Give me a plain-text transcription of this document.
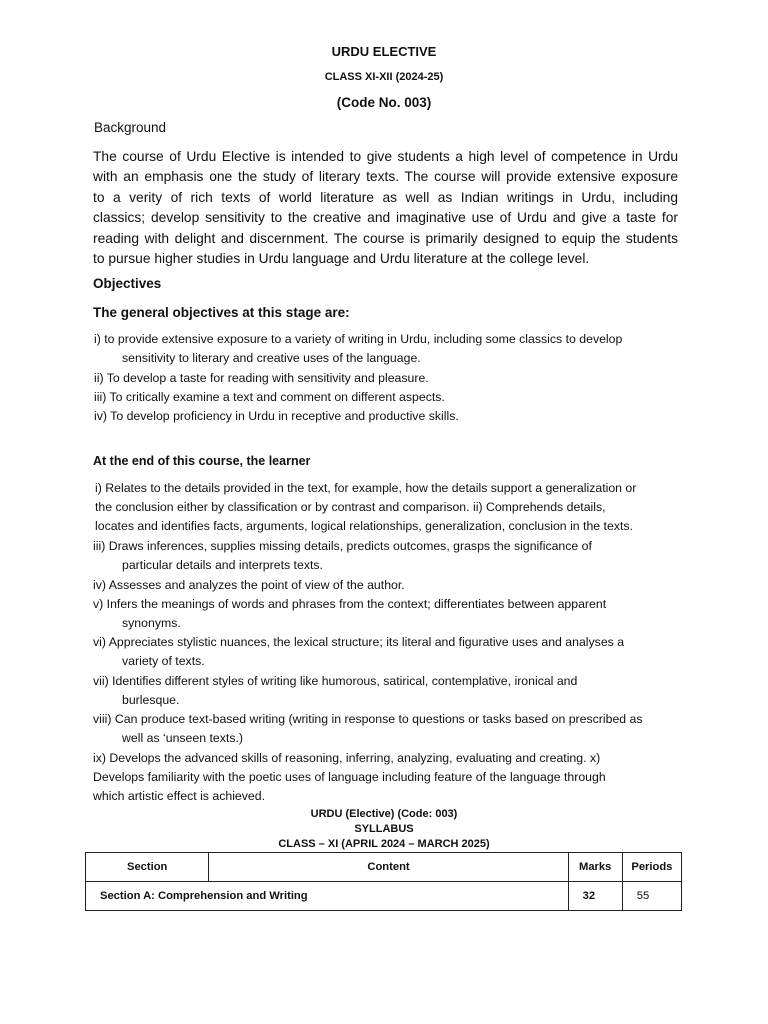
URDU ELECTIVE
CLASS XI-XII (2024-25)
(Code No. 003)
Background
The course of Urdu Elective is intended to give students a high level of competence in Urdu
with an emphasis one the study of literary texts. The course will provide extensive exposure
to a verity of rich texts of world literature as well as Indian writings in Urdu, including
classics; develop sensitivity to the creative and imaginative use of Urdu and give a taste for
reading with delight and discernment. The course is primarily designed to equip the students
to pursue higher studies in Urdu language and Urdu literature at the college level.
Objectives
The general objectives at this stage are:
i) to provide extensive exposure to a variety of writing in Urdu, including some classics to develop
sensitivity to literary and creative uses of the language.
ii) To develop a taste for reading with sensitivity and pleasure.
iii) To critically examine a text and comment on different aspects.
iv) To develop proficiency in Urdu in receptive and productive skills.
At the end of this course, the learner
i) Relates to the details provided in the text, for example, how the details support a generalization or
the conclusion either by classification or by contrast and comparison. ii) Comprehends details,
locates and identifies facts, arguments, logical relationships, generalization, conclusion in the texts.
iii) Draws inferences, supplies missing details, predicts outcomes, grasps the significance of
particular details and interprets texts.
iv) Assesses and analyzes the point of view of the author.
v) Infers the meanings of words and phrases from the context; differentiates between apparent
synonyms.
vi) Appreciates stylistic nuances, the lexical structure; its literal and figurative uses and analyses a
variety of texts.
vii) Identifies different styles of writing like humorous, satirical, contemplative, ironical and
burlesque.
viii) Can produce text-based writing (writing in response to questions or tasks based on prescribed as
well as ‘unseen texts.)
ix) Develops the advanced skills of reasoning, inferring, analyzing, evaluating and creating. x)
Develops familiarity with the poetic uses of language including feature of the language through
which artistic effect is achieved.
URDU (Elective) (Code: 003)
SYLLABUS
CLASS – XI (APRIL 2024 – MARCH 2025)
Section	Content	Marks	Periods
Section A: Comprehension and Writing		32	55
